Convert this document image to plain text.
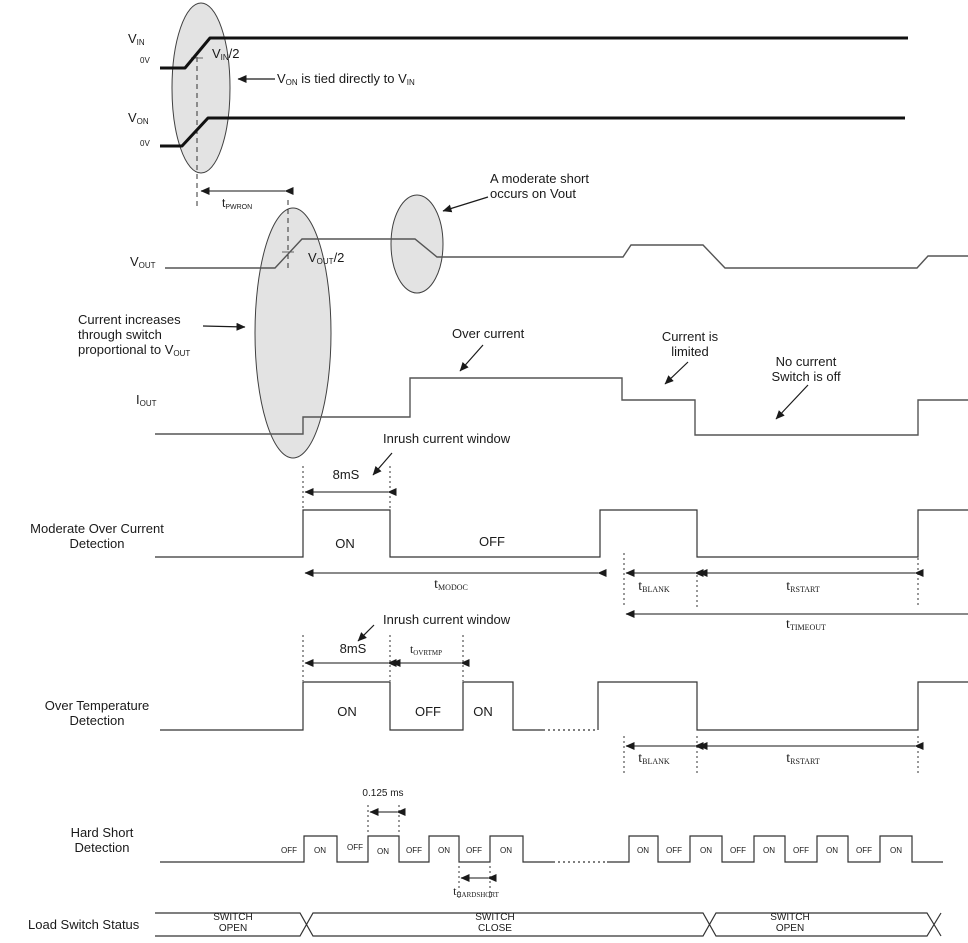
VIN
0V	VIN/2
VON
0V
VON is tied directly to VIN
tPWRON
VOUT
VOUT/2
A moderate short
occurs on Vout
Current increases
through switch
proportional to VOUT
IOUT
Over current	Current is
limited
No current
Switch is off
Inrush current window
8mS
Moderate Over Current
Detection	ON	OFF
tMODOC	tBLANK	tRSTART
tTIMEOUT
Inrush current window
8mS	tOVRTMP
Over Temperature
Detection
ON	OFF	ON
tBLANK	tRSTART
Hard Short
Detection
0.125 ms
tHARDSHORT
OFF	ON	OFF	ON	OFF	ON	OFF	ON	ON	OFF	ON	OFF	ON	OFF	ON	OFF	ON
Load Switch Status	SWITCH
OPEN
SWITCH
CLOSE
SWITCH
OPEN
